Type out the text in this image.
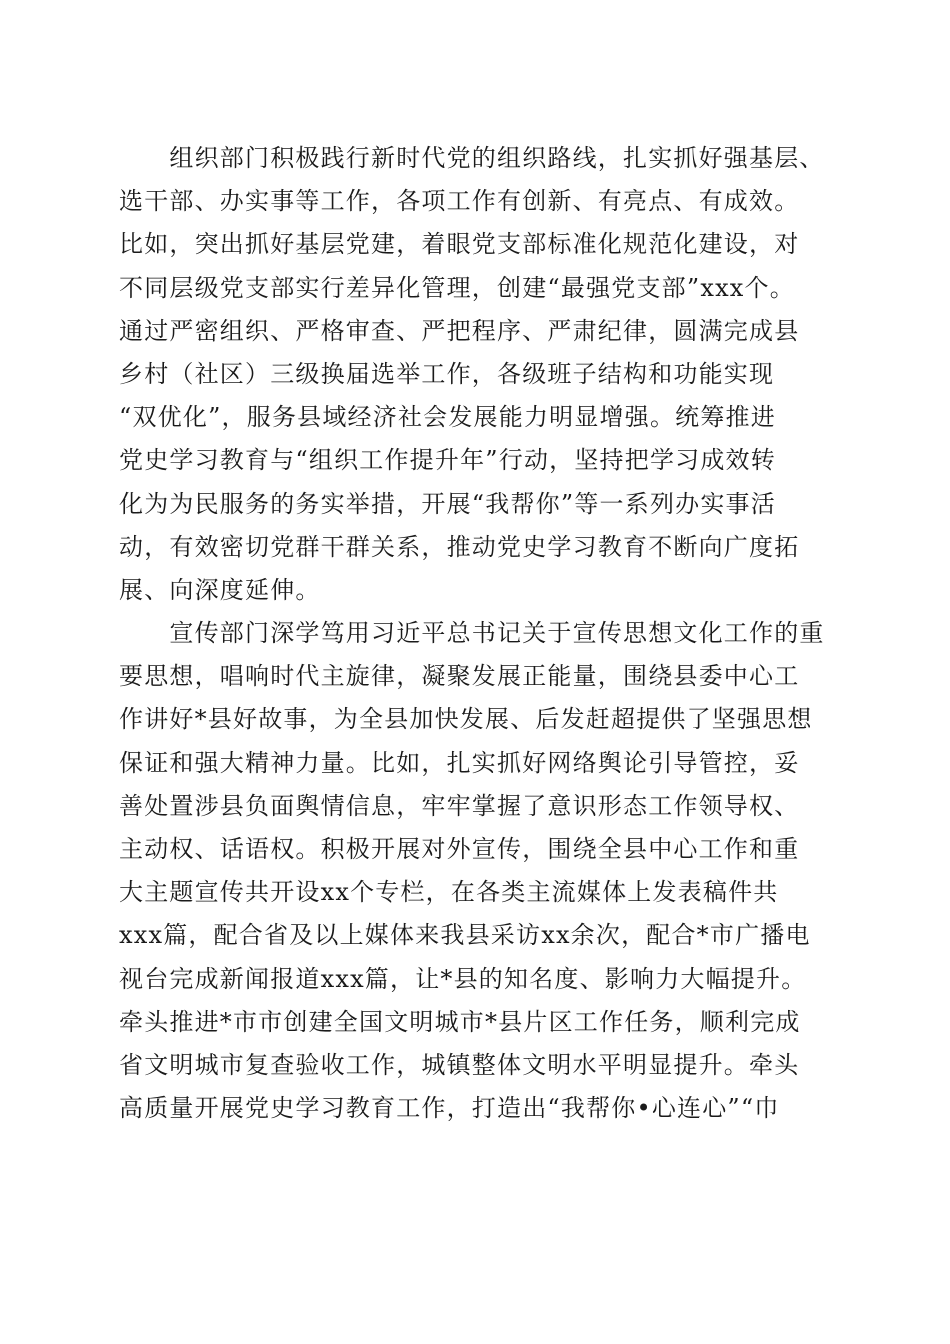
　　组织部门积极践行新时代党的组织路线，扎实抓好强基层、
选干部、办实事等工作，各项工作有创新、有亮点、有成效。
比如，突出抓好基层党建，着眼党支部标准化规范化建设，对
不同层级党支部实行差异化管理，创建“最强党支部”xxx个。
通过严密组织、严格审查、严把程序、严肃纪律，圆满完成县
乡村（社区）三级换届选举工作，各级班子结构和功能实现
“双优化”，服务县域经济社会发展能力明显增强。统筹推进
党史学习教育与“组织工作提升年”行动，坚持把学习成效转
化为为民服务的务实举措，开展“我帮你”等一系列办实事活
动，有效密切党群干群关系，推动党史学习教育不断向广度拓
展、向深度延伸。
　　宣传部门深学笃用习近平总书记关于宣传思想文化工作的重
要思想，唱响时代主旋律，凝聚发展正能量，围绕县委中心工
作讲好*县好故事，为全县加快发展、后发赶超提供了坚强思想
保证和强大精神力量。比如，扎实抓好网络舆论引导管控，妥
善处置涉县负面舆情信息，牢牢掌握了意识形态工作领导权、
主动权、话语权。积极开展对外宣传，围绕全县中心工作和重
大主题宣传共开设xx个专栏，在各类主流媒体上发表稿件共
xxx篇，配合省及以上媒体来我县采访xx余次，配合*市广播电
视台完成新闻报道xxx篇，让*县的知名度、影响力大幅提升。
牵头推进*市市创建全国文明城市*县片区工作任务，顺利完成
省文明城市复查验收工作，城镇整体文明水平明显提升。牵头
高质量开展党史学习教育工作，打造出“我帮你•心连心”“巾
